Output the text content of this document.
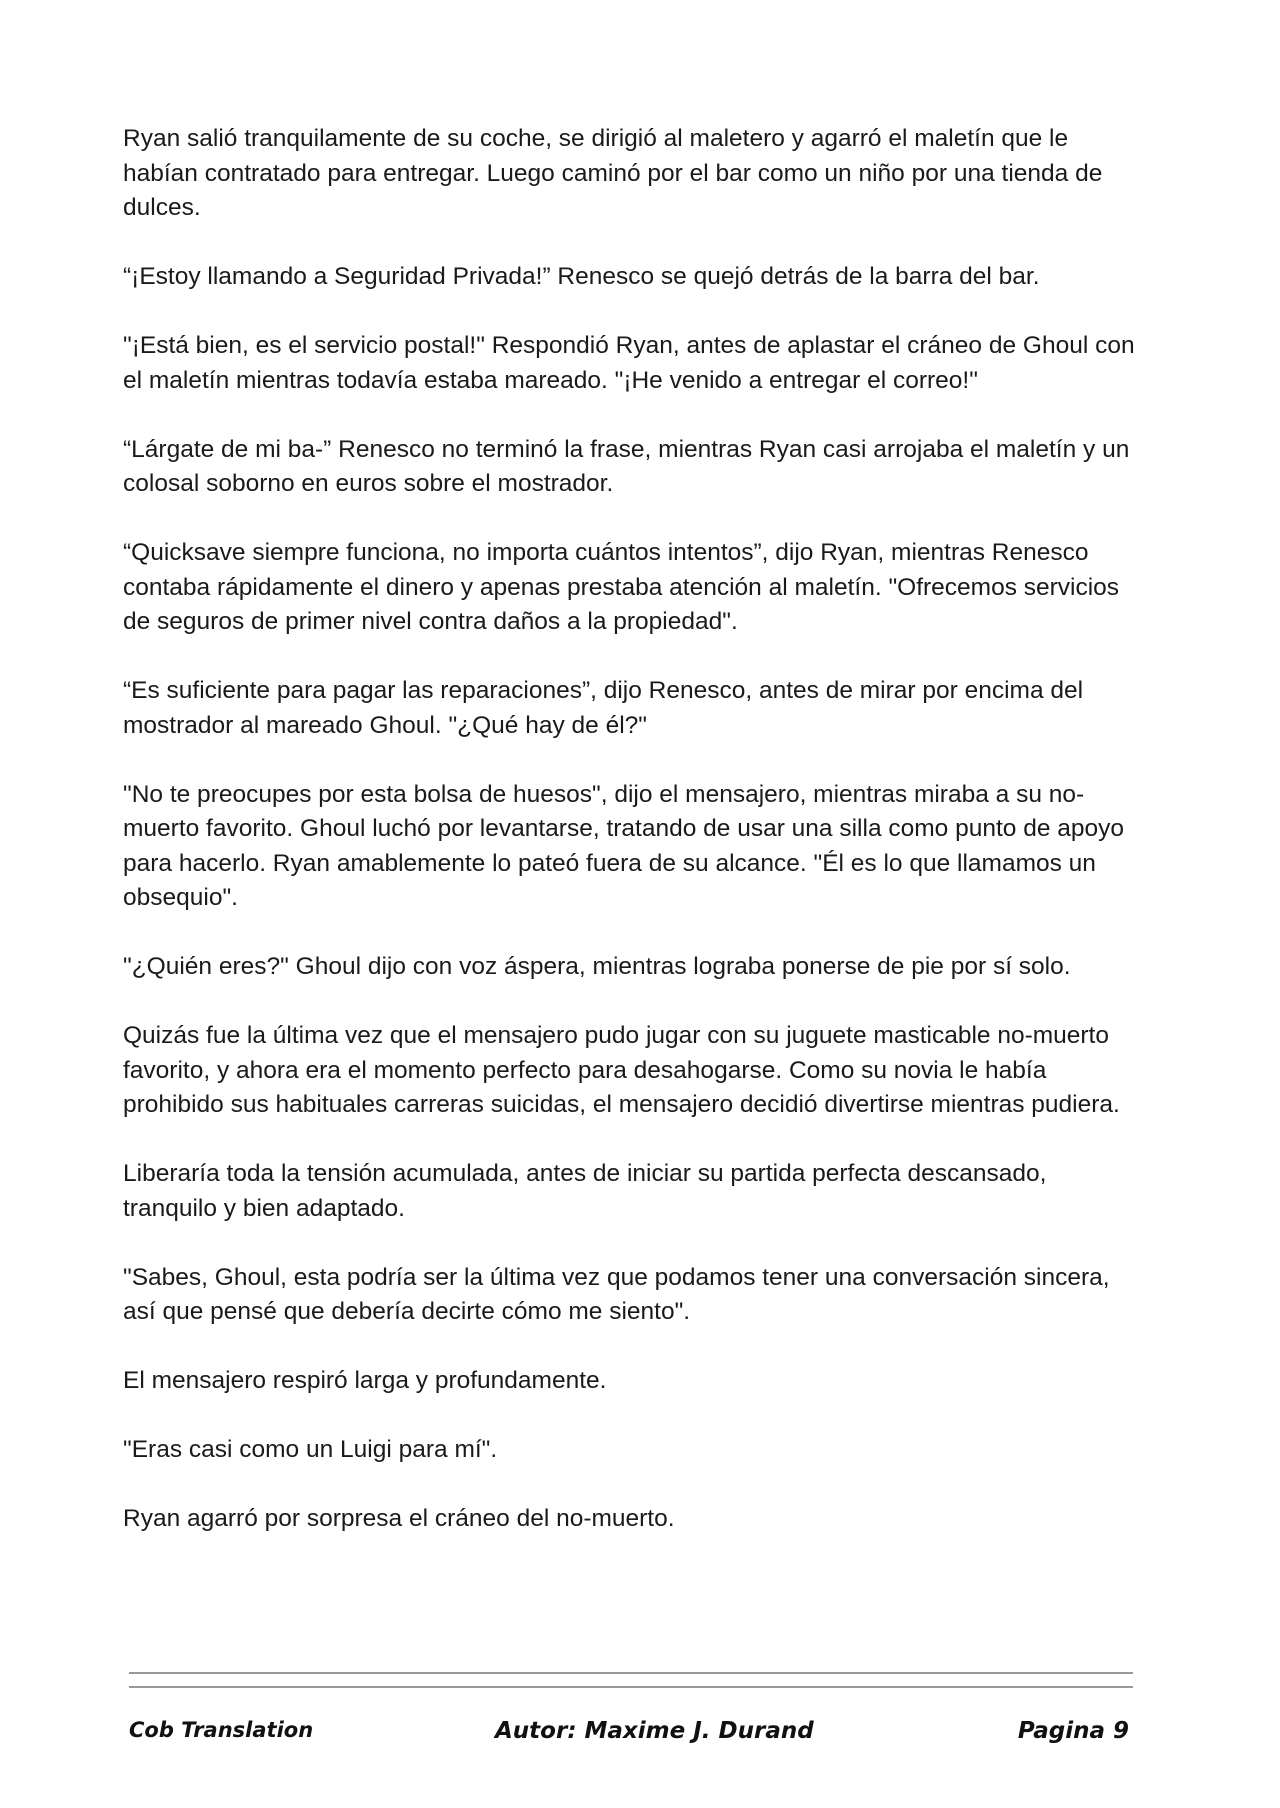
Ryan salió tranquilamente de su coche, se dirigió al maletero y agarró el maletín que le habían contratado para entregar. Luego caminó por el bar como un niño por una tienda de dulces.

“¡Estoy llamando a Seguridad Privada!” Renesco se quejó detrás de la barra del bar.

"¡Está bien, es el servicio postal!" Respondió Ryan, antes de aplastar el cráneo de Ghoul con el maletín mientras todavía estaba mareado. "¡He venido a entregar el correo!"

“Lárgate de mi ba-” Renesco no terminó la frase, mientras Ryan casi arrojaba el maletín y un colosal soborno en euros sobre el mostrador.

“Quicksave siempre funciona, no importa cuántos intentos”, dijo Ryan, mientras Renesco contaba rápidamente el dinero y apenas prestaba atención al maletín. "Ofrecemos servicios de seguros de primer nivel contra daños a la propiedad".

“Es suficiente para pagar las reparaciones”, dijo Renesco, antes de mirar por encima del mostrador al mareado Ghoul. "¿Qué hay de él?"

"No te preocupes por esta bolsa de huesos", dijo el mensajero, mientras miraba a su no-muerto favorito. Ghoul luchó por levantarse, tratando de usar una silla como punto de apoyo para hacerlo. Ryan amablemente lo pateó fuera de su alcance. "Él es lo que llamamos un obsequio".

"¿Quién eres?" Ghoul dijo con voz áspera, mientras lograba ponerse de pie por sí solo.

Quizás fue la última vez que el mensajero pudo jugar con su juguete masticable no-muerto favorito, y ahora era el momento perfecto para desahogarse. Como su novia le había prohibido sus habituales carreras suicidas, el mensajero decidió divertirse mientras pudiera.

Liberaría toda la tensión acumulada, antes de iniciar su partida perfecta descansado, tranquilo y bien adaptado.

"Sabes, Ghoul, esta podría ser la última vez que podamos tener una conversación sincera, así que pensé que debería decirte cómo me siento".

El mensajero respiró larga y profundamente.

"Eras casi como un Luigi para mí".

Ryan agarró por sorpresa el cráneo del no-muerto.

Cob Translation	Autor: Maxime J. Durand	Pagina 9
